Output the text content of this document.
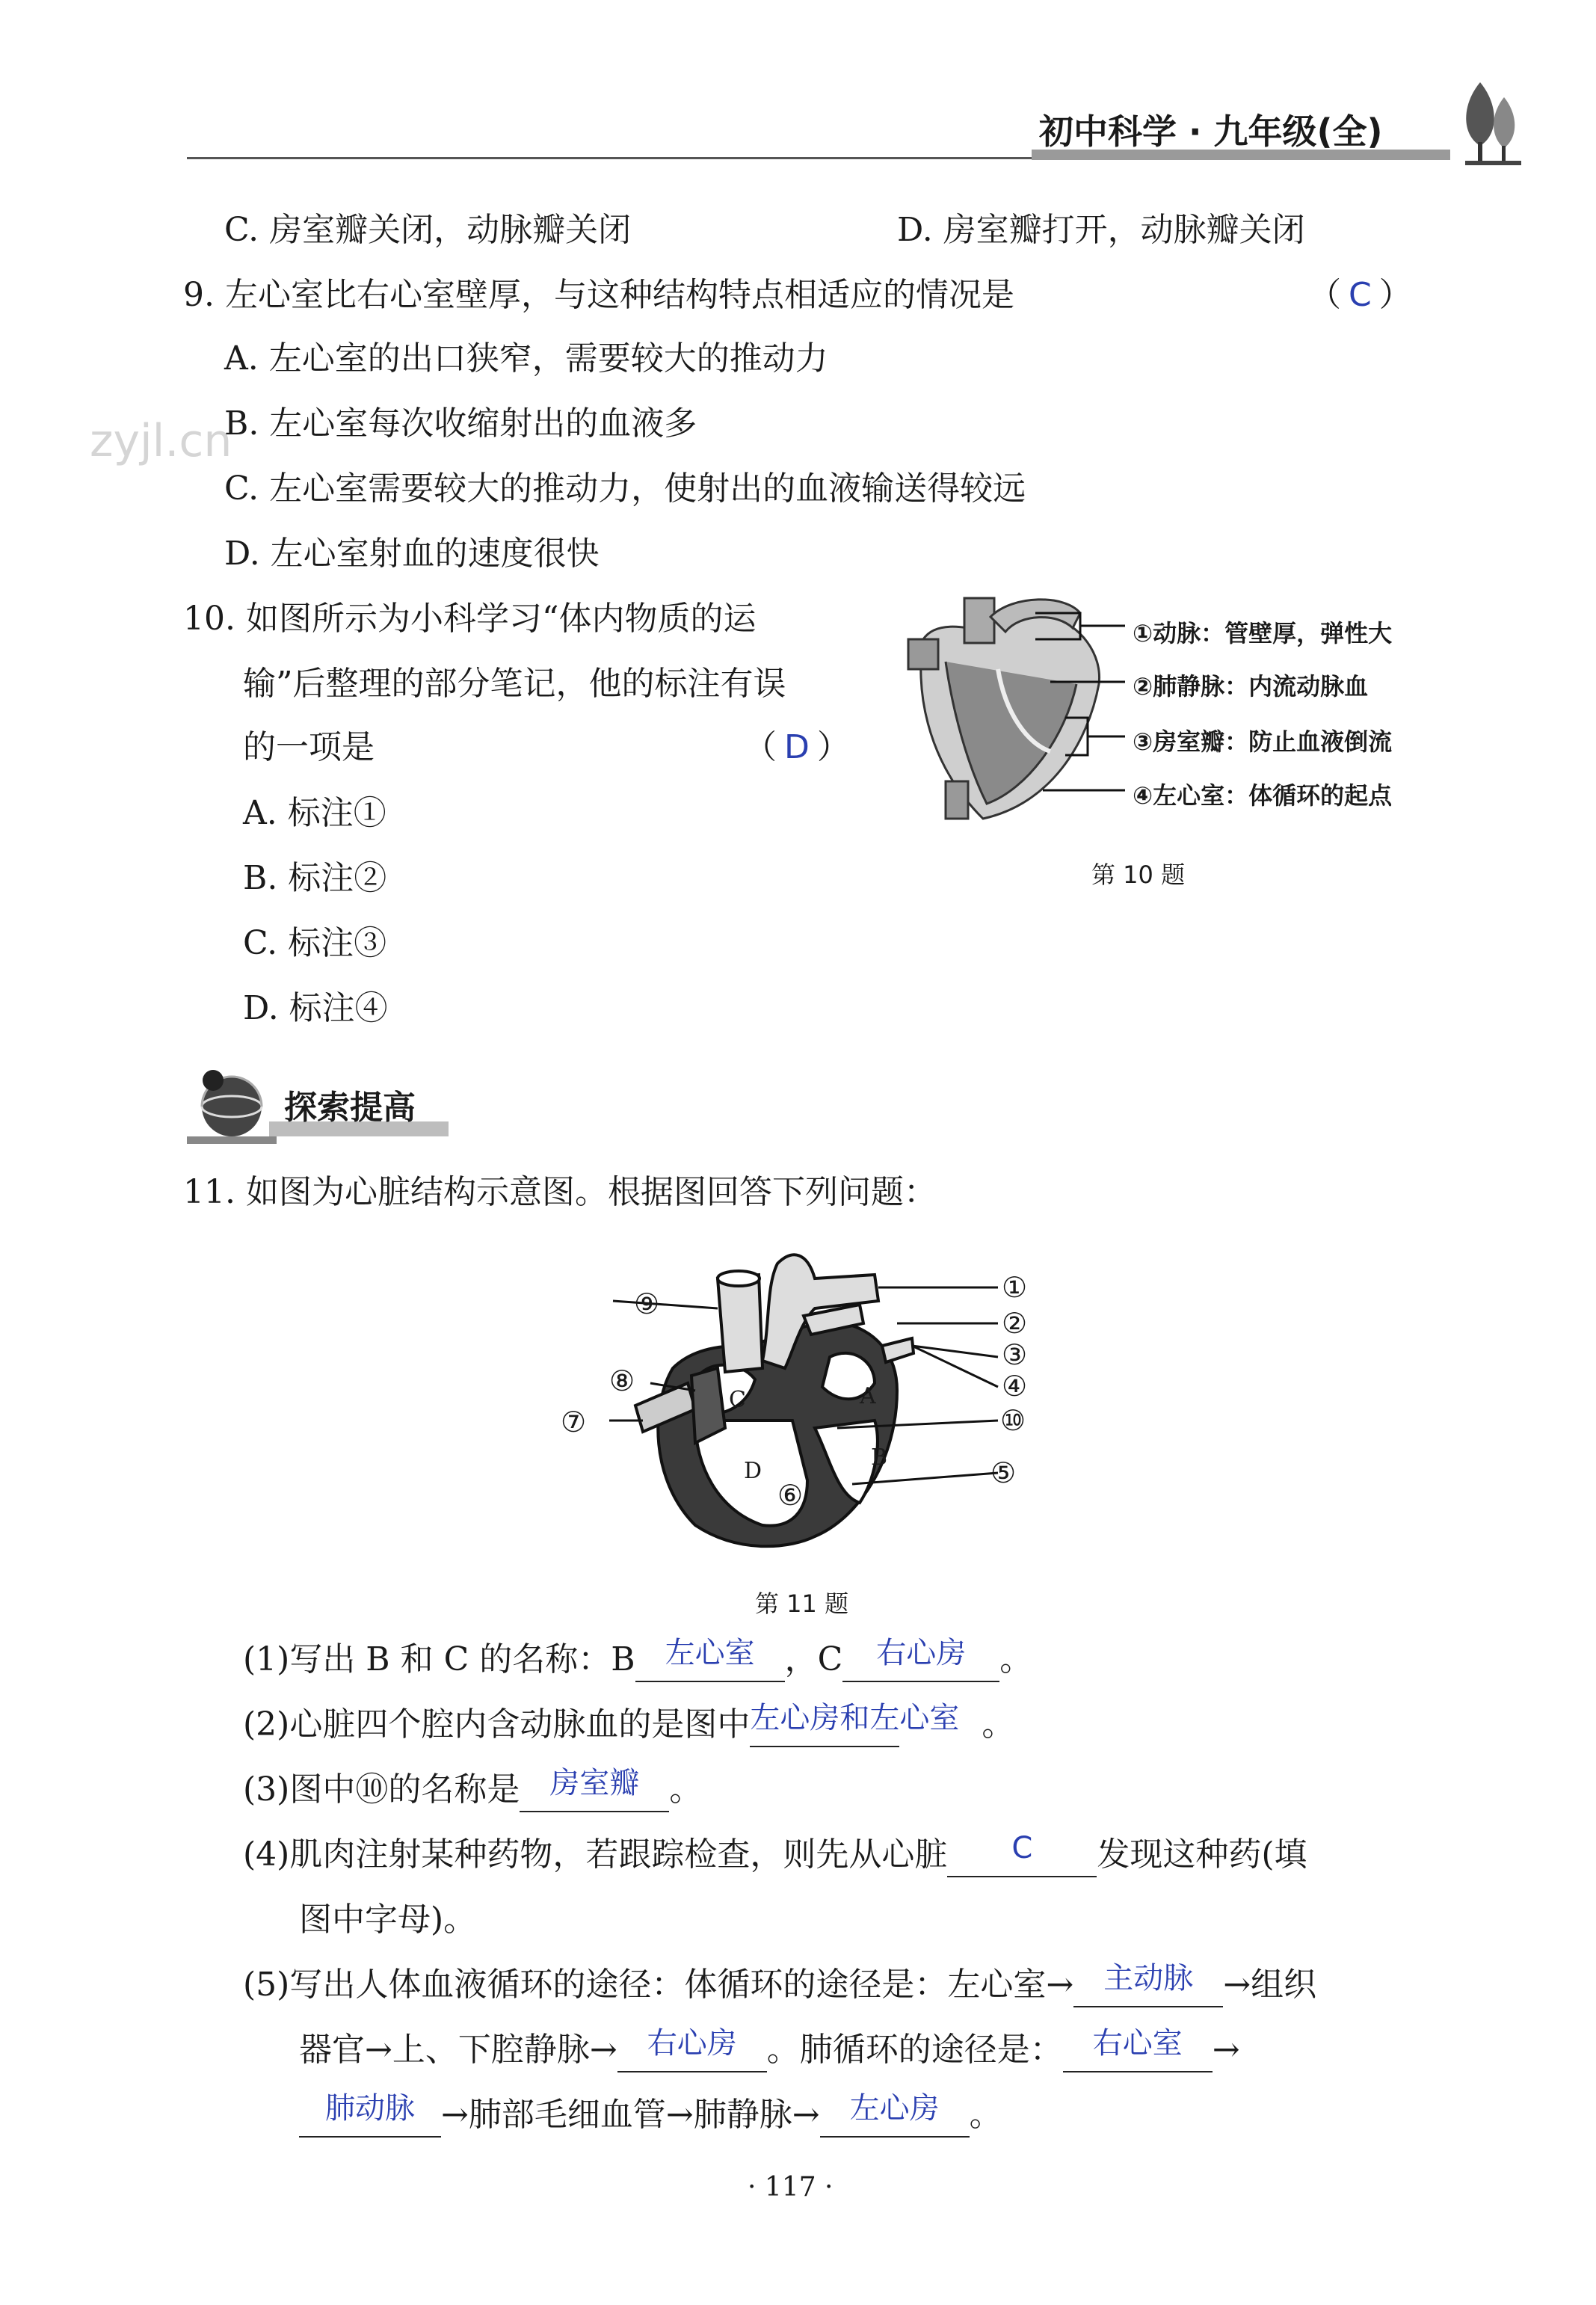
初中科学 · 九年级(全)
zyjl.cn
C. 房室瓣关闭，动脉瓣关闭	D. 房室瓣打开，动脉瓣关闭
9. 左心室比右心室壁厚，与这种结构特点相适应的情况是	（ C ）
A. 左心室的出口狭窄，需要较大的推动力
B. 左心室每次收缩射出的血液多
C. 左心室需要较大的推动力，使射出的血液输送得较远
D. 左心室射血的速度很快
10. 如图所示为小科学习“体内物质的运
输”后整理的部分笔记，他的标注有误
的一项是	（ D ）
A. 标注①
B. 标注②
C. 标注③
D. 标注④
①动脉：管壁厚，弹性大
②肺静脉：内流动脉血
③房室瓣：防止血液倒流
④左心室：体循环的起点
第 10 题
探索提高
11. 如图为心脏结构示意图。根据图回答下列问题：
①
②
③
④
⑩
⑤
⑥
⑦
⑧
⑨
A
B
C
D
第 11 题
(1)写出 B 和 C 的名称：B 左心室 ，C 右心房 。
(2)心脏四个腔内含动脉血的是图中左心房和左心室 。
(3)图中⑩的名称是 房室瓣 。
(4)肌肉注射某种药物，若跟踪检查，则先从心脏 C 发现这种药(填
图中字母)。
(5)写出人体血液循环的途径：体循环的途径是：左心室→ 主动脉 →组织
器官→上、下腔静脉→ 右心房 。肺循环的途径是： 右心室 →
肺动脉 →肺部毛细血管→肺静脉→ 左心房 。
· 117 ·
